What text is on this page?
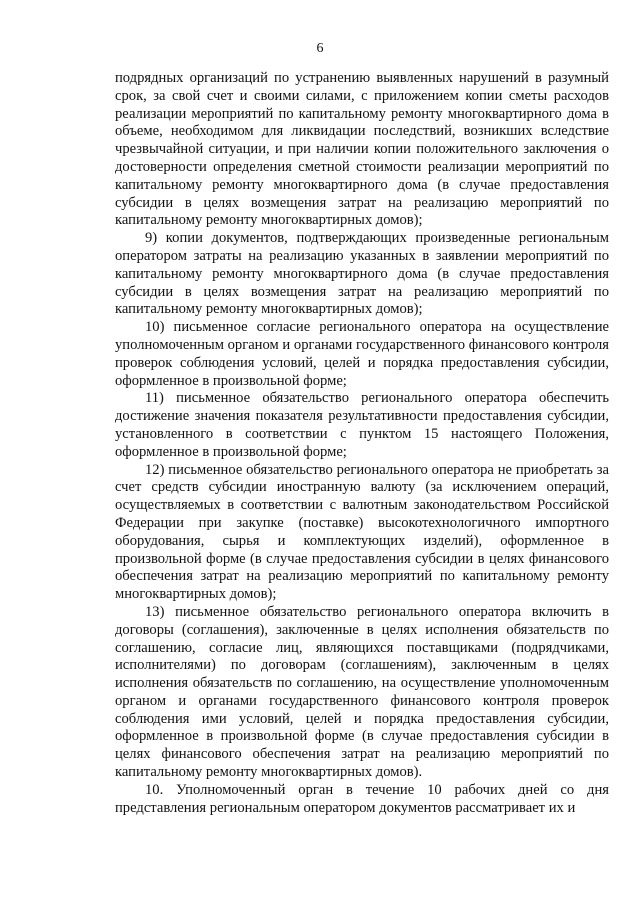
6

подрядных организаций по устранению выявленных нарушений в разумный срок, за свой счет и своими силами, с приложением копии сметы расходов реализации мероприятий по капитальному ремонту многоквартирного дома в объеме, необходимом для ликвидации последствий, возникших вследствие чрезвычайной ситуации, и при наличии копии положительного заключения о достоверности определения сметной стоимости реализации мероприятий по капитальному ремонту многоквартирного дома (в случае предоставления субсидии в целях возмещения затрат на реализацию мероприятий по капитальному ремонту многоквартирных домов);

9) копии документов, подтверждающих произведенные региональным оператором затраты на реализацию указанных в заявлении мероприятий по капитальному ремонту многоквартирного дома (в случае предоставления субсидии в целях возмещения затрат на реализацию мероприятий по капитальному ремонту многоквартирных домов);

10) письменное согласие регионального оператора на осуществление уполномоченным органом и органами государственного финансового контроля проверок соблюдения условий, целей и порядка предоставления субсидии, оформленное в произвольной форме;

11) письменное обязательство регионального оператора обеспечить достижение значения показателя результативности предоставления субсидии, установленного в соответствии с пунктом 15 настоящего Положения, оформленное в произвольной форме;

12) письменное обязательство регионального оператора не приобретать за счет средств субсидии иностранную валюту (за исключением операций, осуществляемых в соответствии с валютным законодательством Российской Федерации при закупке (поставке) высокотехнологичного импортного оборудования, сырья и комплектующих изделий), оформленное в произвольной форме (в случае предоставления субсидии в целях финансового обеспечения затрат на реализацию мероприятий по капитальному ремонту многоквартирных домов);

13) письменное обязательство регионального оператора включить в договоры (соглашения), заключенные в целях исполнения обязательств по соглашению, согласие лиц, являющихся поставщиками (подрядчиками, исполнителями) по договорам (соглашениям), заключенным в целях исполнения обязательств по соглашению, на осуществление уполномоченным органом и органами государственного финансового контроля проверок соблюдения ими условий, целей и порядка предоставления субсидии, оформленное в произвольной форме (в случае предоставления субсидии в целях финансового обеспечения затрат на реализацию мероприятий по капитальному ремонту многоквартирных домов).

10. Уполномоченный орган в течение 10 рабочих дней со дня представления региональным оператором документов рассматривает их и
